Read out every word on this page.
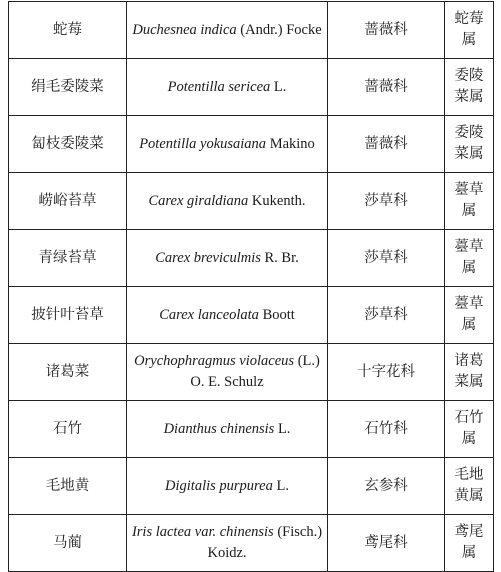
蛇莓	Duchesnea indica (Andr.) Focke	蔷薇科	蛇莓属
绢毛委陵菜	Potentilla sericea L.	蔷薇科	委陵菜属
匐枝委陵菜	Potentilla yokusaiana Makino	蔷薇科	委陵菜属
崂峪苔草	Carex giraldiana Kukenth.	莎草科	薹草属
青绿苔草	Carex breviculmis R. Br.	莎草科	薹草属
披针叶苔草	Carex lanceolata Boott	莎草科	薹草属
诸葛菜	Orychophragmus violaceus (L.) O. E. Schulz	十字花科	诸葛菜属
石竹	Dianthus chinensis L.	石竹科	石竹属
毛地黄	Digitalis purpurea L.	玄参科	毛地黄属
马蔺	Iris lactea var. chinensis (Fisch.) Koidz.	鸢尾科	鸢尾属
